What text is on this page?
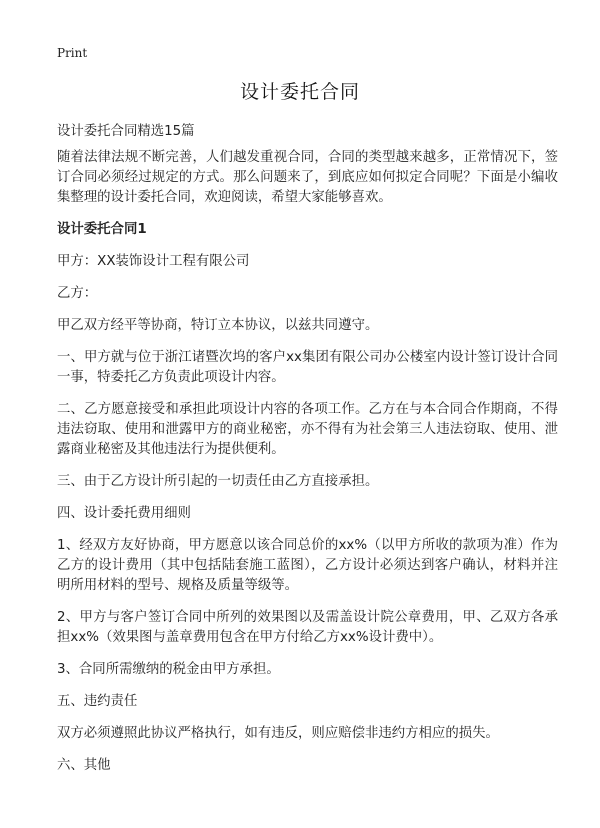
Print
设计委托合同

设计委托合同精选15篇

随着法律法规不断完善，人们越发重视合同，合同的类型越来越多，正常情况下，签订合同必须经过规定的方式。那么问题来了，到底应如何拟定合同呢？下面是小编收集整理的设计委托合同，欢迎阅读，希望大家能够喜欢。

设计委托合同1

甲方：XX装饰设计工程有限公司

乙方：

甲乙双方经平等协商，特订立本协议，以兹共同遵守。

一、甲方就与位于浙江诸暨次坞的客户xx集团有限公司办公楼室内设计签订设计合同一事，特委托乙方负责此项设计内容。

二、乙方愿意接受和承担此项设计内容的各项工作。乙方在与本合同合作期商，不得违法窃取、使用和泄露甲方的商业秘密，亦不得有为社会第三人违法窃取、使用、泄露商业秘密及其他违法行为提供便利。

三、由于乙方设计所引起的一切责任由乙方直接承担。

四、设计委托费用细则

1、经双方友好协商，甲方愿意以该合同总价的xx%（以甲方所收的款项为准）作为乙方的设计费用（其中包括陆套施工蓝图），乙方设计必须达到客户确认，材料并注明所用材料的型号、规格及质量等级等。

2、甲方与客户签订合同中所列的效果图以及需盖设计院公章费用，甲、乙双方各承担xx%（效果图与盖章费用包含在甲方付给乙方xx%设计费中）。

3、合同所需缴纳的税金由甲方承担。

五、违约责任

双方必须遵照此协议严格执行，如有违反，则应赔偿非违约方相应的损失。

六、其他
